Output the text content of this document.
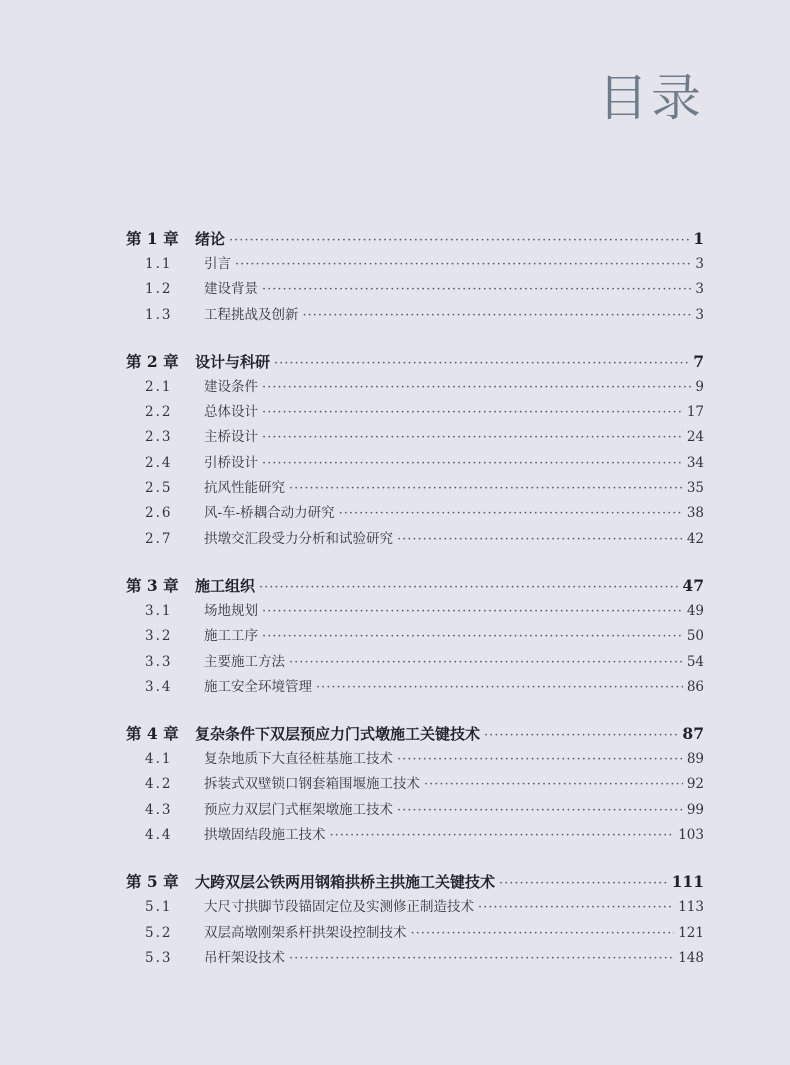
目录
第 1 章	绪论 ·····	1
1.1	引言 ·····	3
1.2	建设背景 ·····	3
1.3	工程挑战及创新 ·····	3
第 2 章	设计与科研 ·····	7
2.1	建设条件 ·····	9
2.2	总体设计 ·····	17
2.3	主桥设计 ·····	24
2.4	引桥设计 ·····	34
2.5	抗风性能研究 ·····	35
2.6	风-车-桥耦合动力研究 ·····	38
2.7	拱墩交汇段受力分析和试验研究 ·····	42
第 3 章	施工组织 ·····	47
3.1	场地规划 ·····	49
3.2	施工工序 ·····	50
3.3	主要施工方法 ·····	54
3.4	施工安全环境管理 ·····	86
第 4 章	复杂条件下双层预应力门式墩施工关键技术 ·····	87
4.1	复杂地质下大直径桩基施工技术 ·····	89
4.2	拆装式双壁锁口钢套箱围堰施工技术 ·····	92
4.3	预应力双层门式框架墩施工技术 ·····	99
4.4	拱墩固结段施工技术 ·····	103
第 5 章	大跨双层公铁两用钢箱拱桥主拱施工关键技术 ·····	111
5.1	大尺寸拱脚节段锚固定位及实测修正制造技术 ·····	113
5.2	双层高墩刚架系杆拱架设控制技术 ·····	121
5.3	吊杆架设技术 ·····	148
